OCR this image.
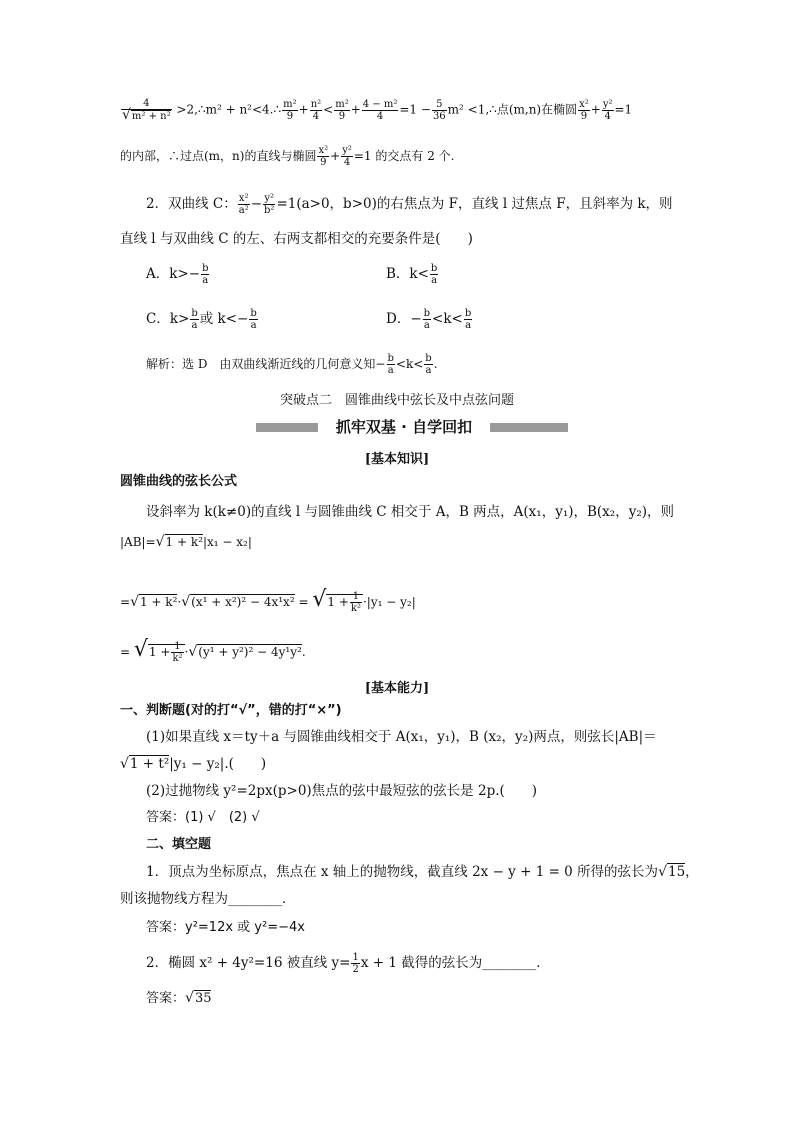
$\frac{4}{\text{√m² + n²}}$ >2,∴m² + n²<4.∴ $\frac{\text{m²}}{9} + \frac{\text{n²}}{4} < \frac{\text{m²}}{9} + \frac{\text{4 − m²}}{4} =1 - \frac{5}{36} m^2$ <1,∴点(m,n)在椭圆 $\frac{\text{x²}}{9} + \frac{\text{y²}}{4} =1$
的内部，∴过点(m，n)的直线与椭圆 $\frac{\text{x²}}{9} + \frac{\text{y²}}{4} =1$ 的交点有 2 个.
2．双曲线 C： $\frac{\text{x²}}{\text{a²}} - \frac{\text{y²}}{\text{b²}} =1(a>0$，b>0)的右焦点为 F，直线 l 过焦点 F，且斜率为 k，则
直线 l 与双曲线 C 的左、右两支都相交的充要条件是(　　)
A．$k>- \frac{b}{a}$	B．$k< \frac{b}{a}$
C．$k> \frac{b}{a}$ 或 $k<- \frac{b}{a}$	D．− $\frac{b}{a} <k< \frac{b}{a}$
解析：选 D　由双曲线渐近线的几何意义知− $\frac{b}{a} <k< \frac{b}{a}$ .
突破点二　圆锥曲线中弦长及中点弦问题
抓牢双基 · 自学回扣
[基本知识]
圆锥曲线的弦长公式
设斜率为 k(k≠0)的直线 l 与圆锥曲线 C 相交于 A，B 两点，A(x₁，y₁)，B(x₂，y₂)，则
|AB|=√1 + k²|x₁ − x₂|
$=√1 + k^2\cdot√(x^1 + x^2)^2 - 4x^1x^2 = √1 + \frac{1}{\text{k²}} \cdot|y_1 - y_2|$
= $√1 + \frac{1}{\text{k²}} \cdot√(y^1 + y^2)^2 - 4y^1y^2$.
[基本能力]
一、判断题(对的打“√”，错的打“×”)
(1)如果直线 x＝ty＋a 与圆锥曲线相交于 A(x₁，y₁)，B (x₂，y₂)两点，则弦长|AB|＝
√1 + t²|y₁ − y₂|.(　　)
(2)过抛物线 y²=2px(p>0)焦点的弦中最短弦的弦长是 2p.(　　)
答案：(1) √　(2) √
二、填空题
1．顶点为坐标原点，焦点在 x 轴上的抛物线，截直线 2x − y + 1 = 0 所得的弦长为√15，
则该抛物线方程为________．
答案：y²=12x 或 y²=−4x
2．椭圆 x² + 4y²=16 被直线 $y= \frac{1}{2}$ x + 1 截得的弦长为________．
答案：√35
